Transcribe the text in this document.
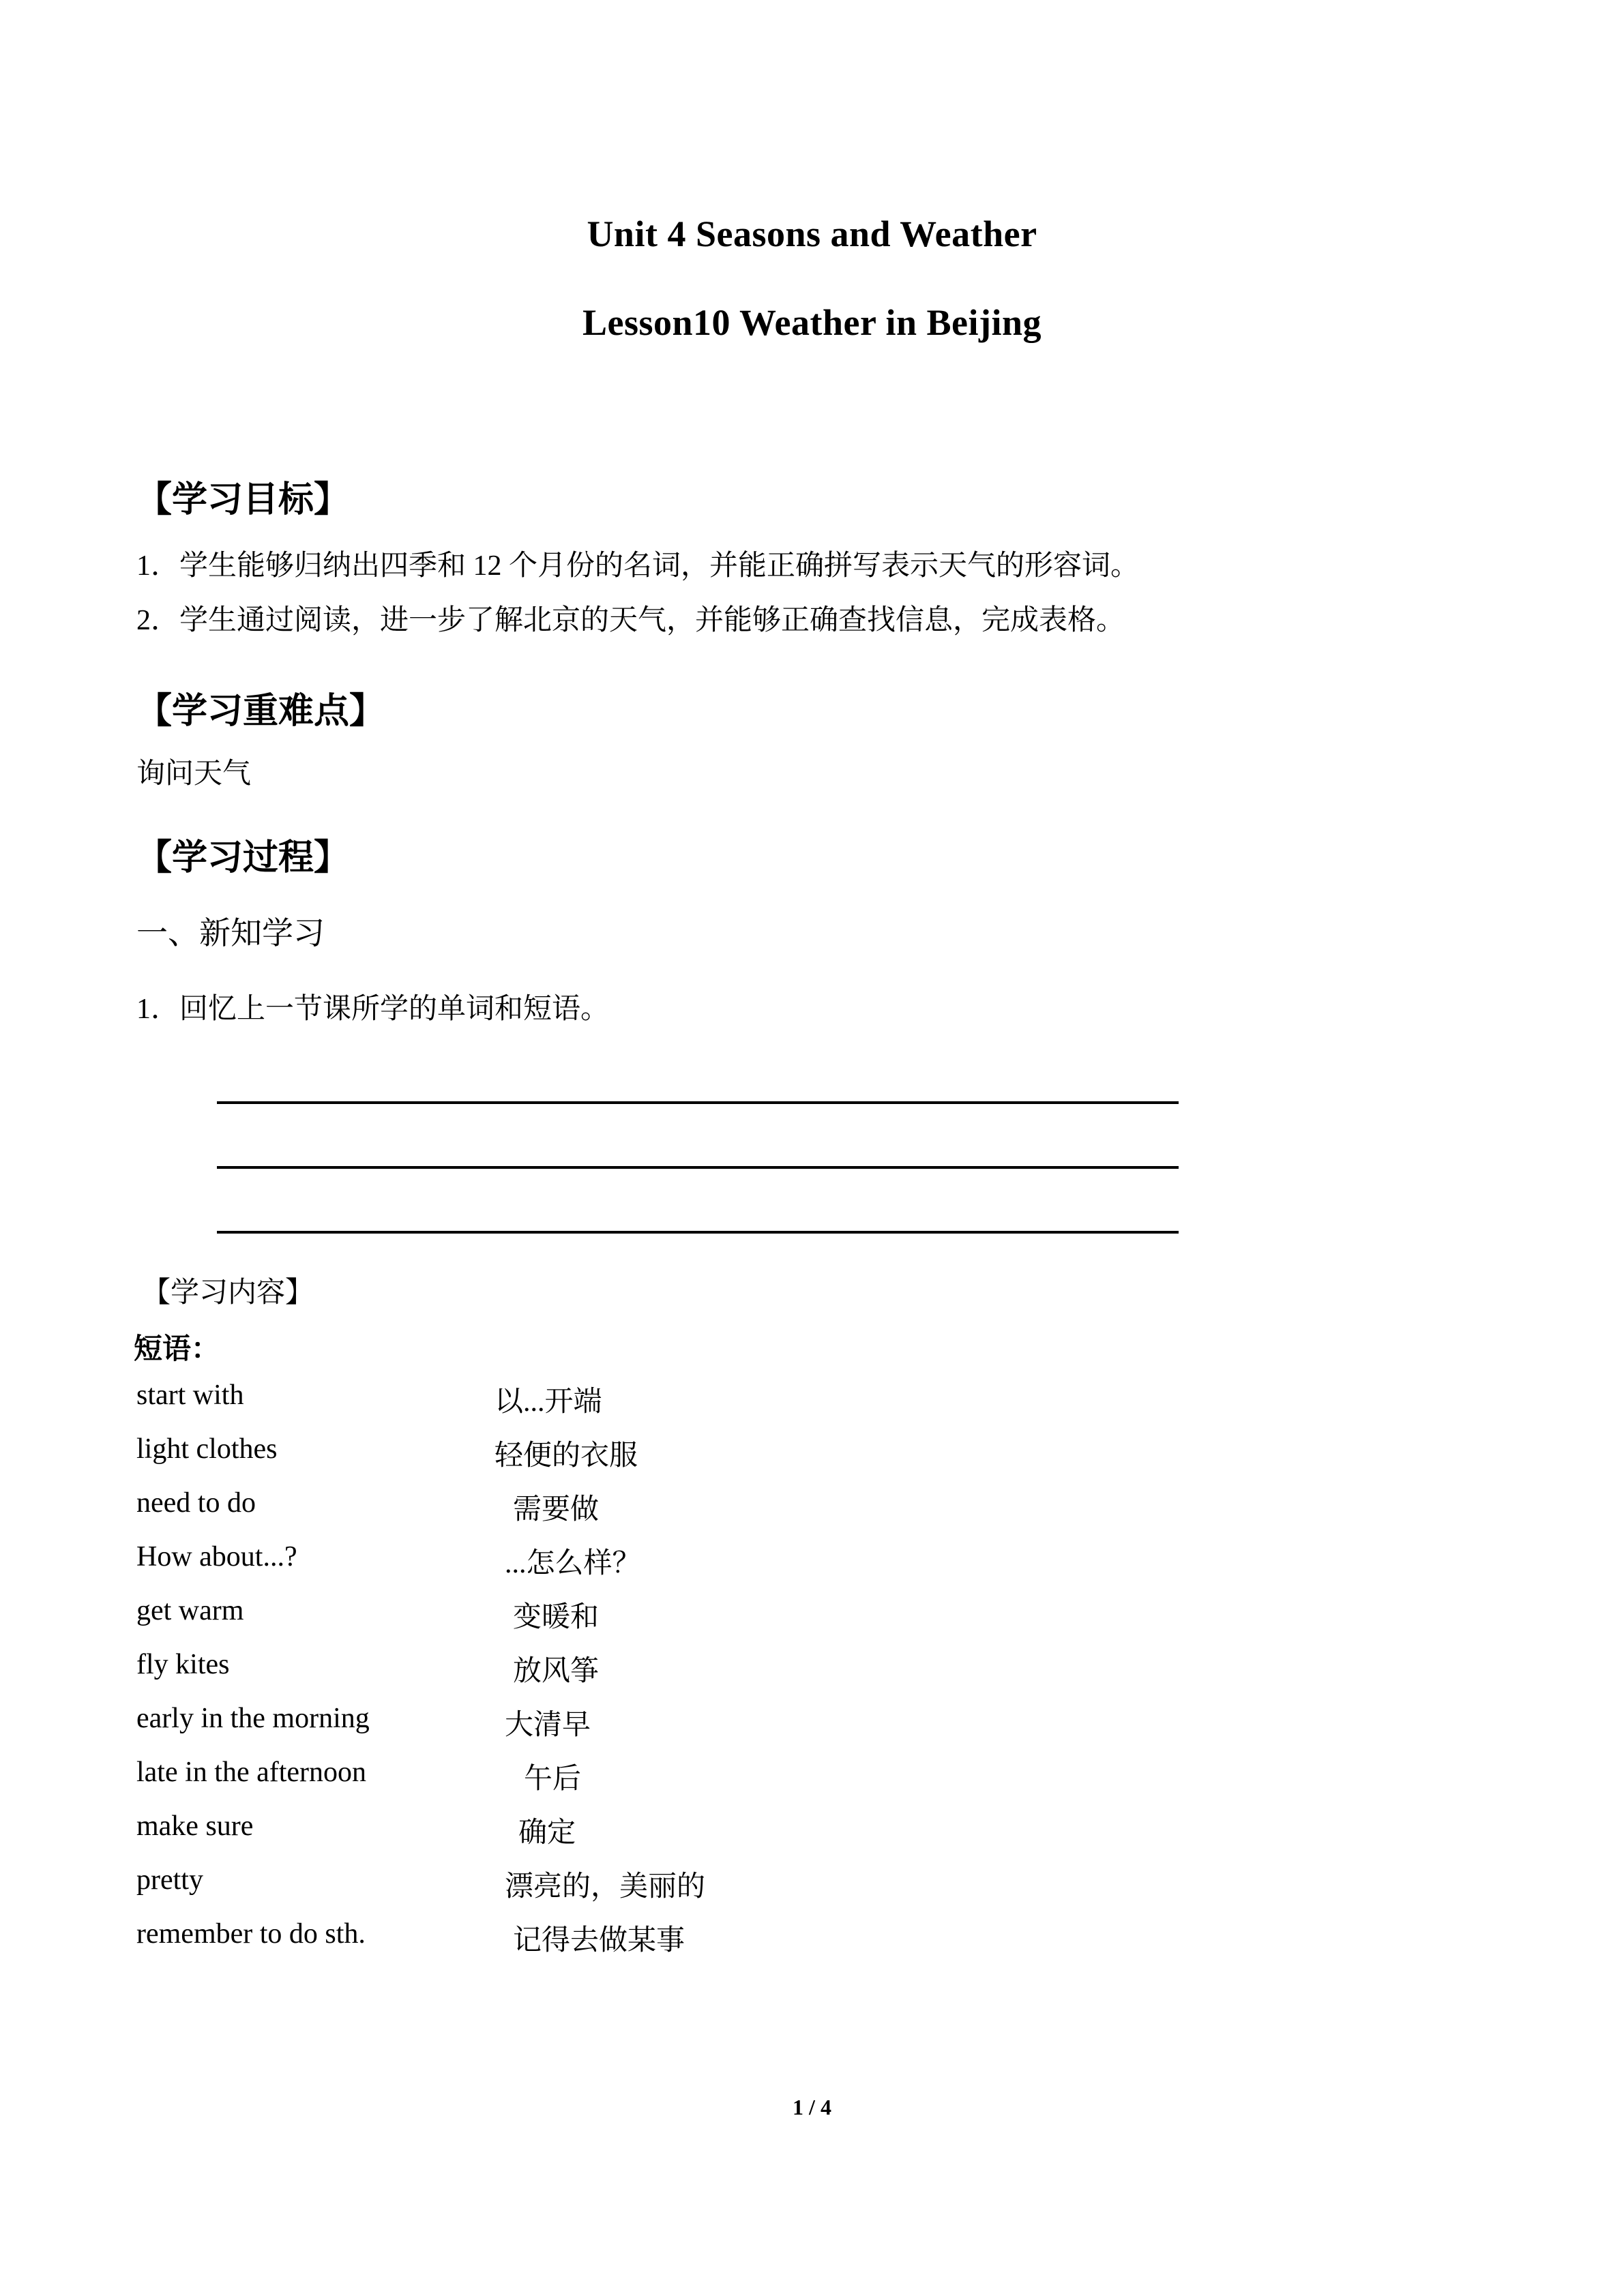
Unit 4 Seasons and Weather
Lesson10 Weather in Beijing
【学习目标】
1．学生能够归纳出四季和 12 个月份的名词，并能正确拼写表示天气的形容词。
2．学生通过阅读，进一步了解北京的天气，并能够正确查找信息，完成表格。
【学习重难点】
询问天气
【学习过程】
一、新知学习
1．回忆上一节课所学的单词和短语。
【学习内容】
短语：
start with	以...开端
light clothes	轻便的衣服
need to do	需要做
How about...?	...怎么样？
get warm	变暖和
fly kites	放风筝
early in the morning	大清早
late in the afternoon	午后
make sure	确定
pretty	漂亮的，美丽的
remember to do sth.	记得去做某事
1 / 4
